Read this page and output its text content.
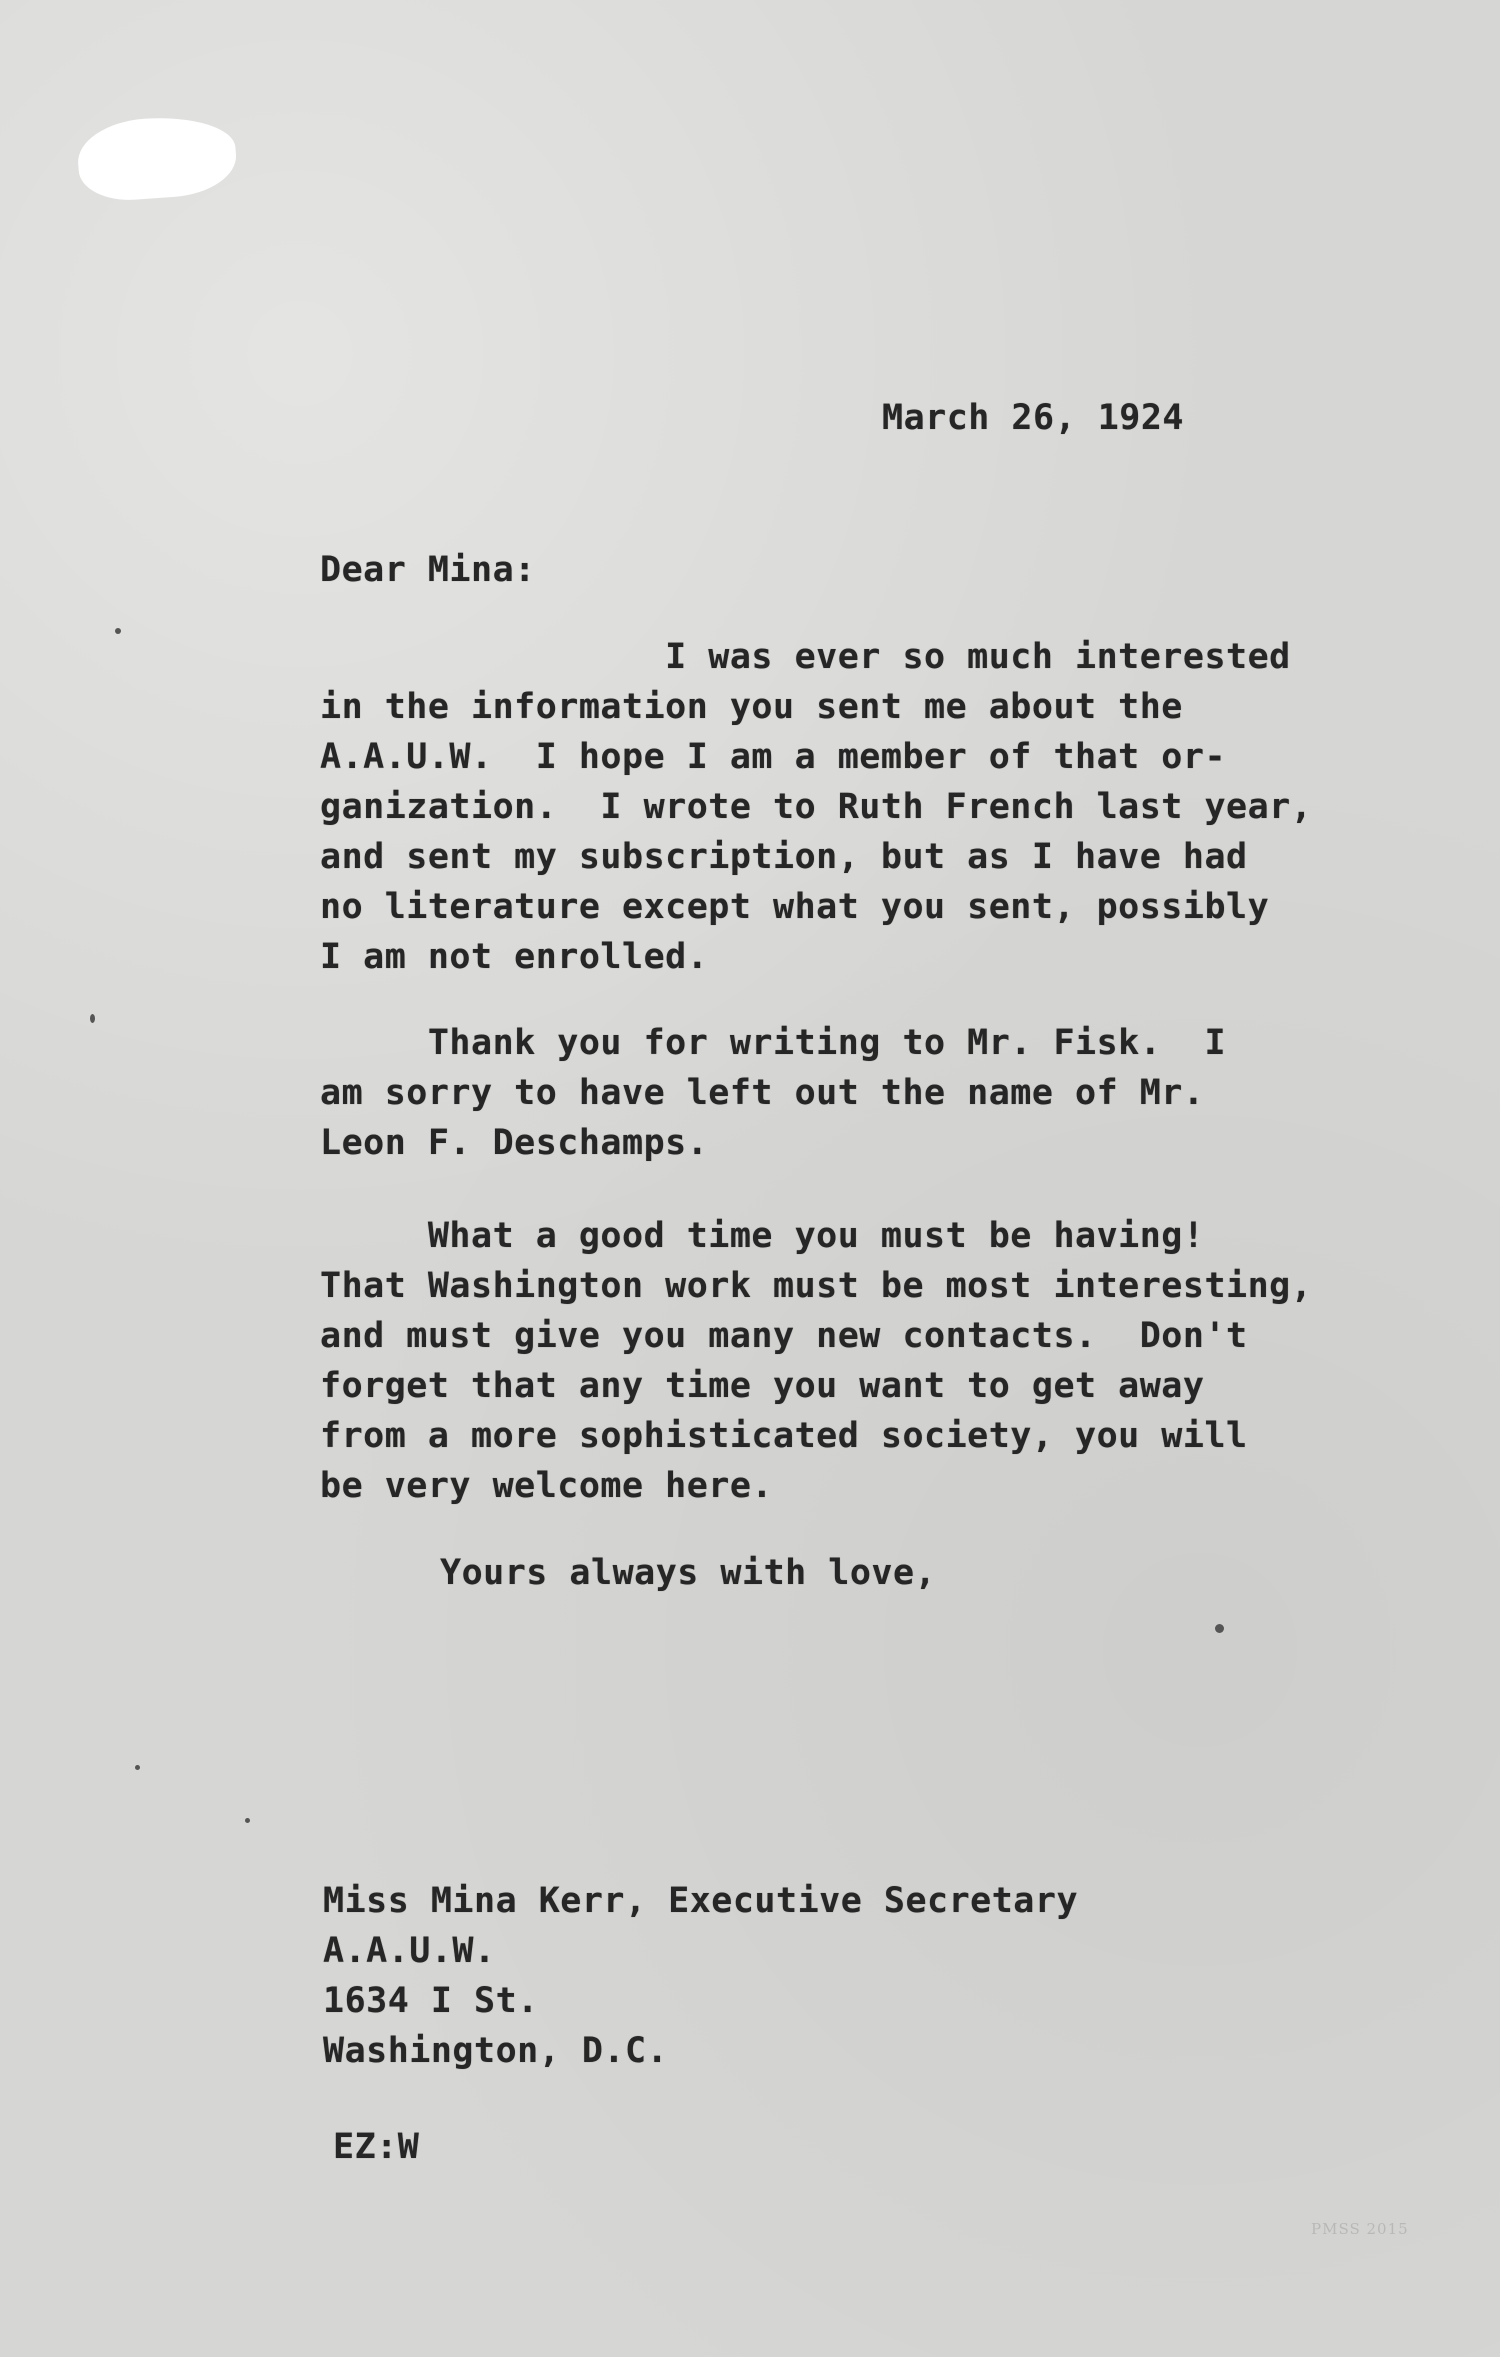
March 26, 1924

Dear Mina:

I was ever so much interested
in the information you sent me about the
A.A.U.W.  I hope I am a member of that or-
ganization.  I wrote to Ruth French last year,
and sent my subscription, but as I have had
no literature except what you sent, possibly
I am not enrolled.

Thank you for writing to Mr. Fisk.  I
am sorry to have left out the name of Mr.
Leon F. Deschamps.

What a good time you must be having!
That Washington work must be most interesting,
and must give you many new contacts.  Don't
forget that any time you want to get away
from a more sophisticated society, you will
be very welcome here.

Yours always with love,

Miss Mina Kerr, Executive Secretary
A.A.U.W.
1634 I St.
Washington, D.C.

EZ:W

PMSS 2015
